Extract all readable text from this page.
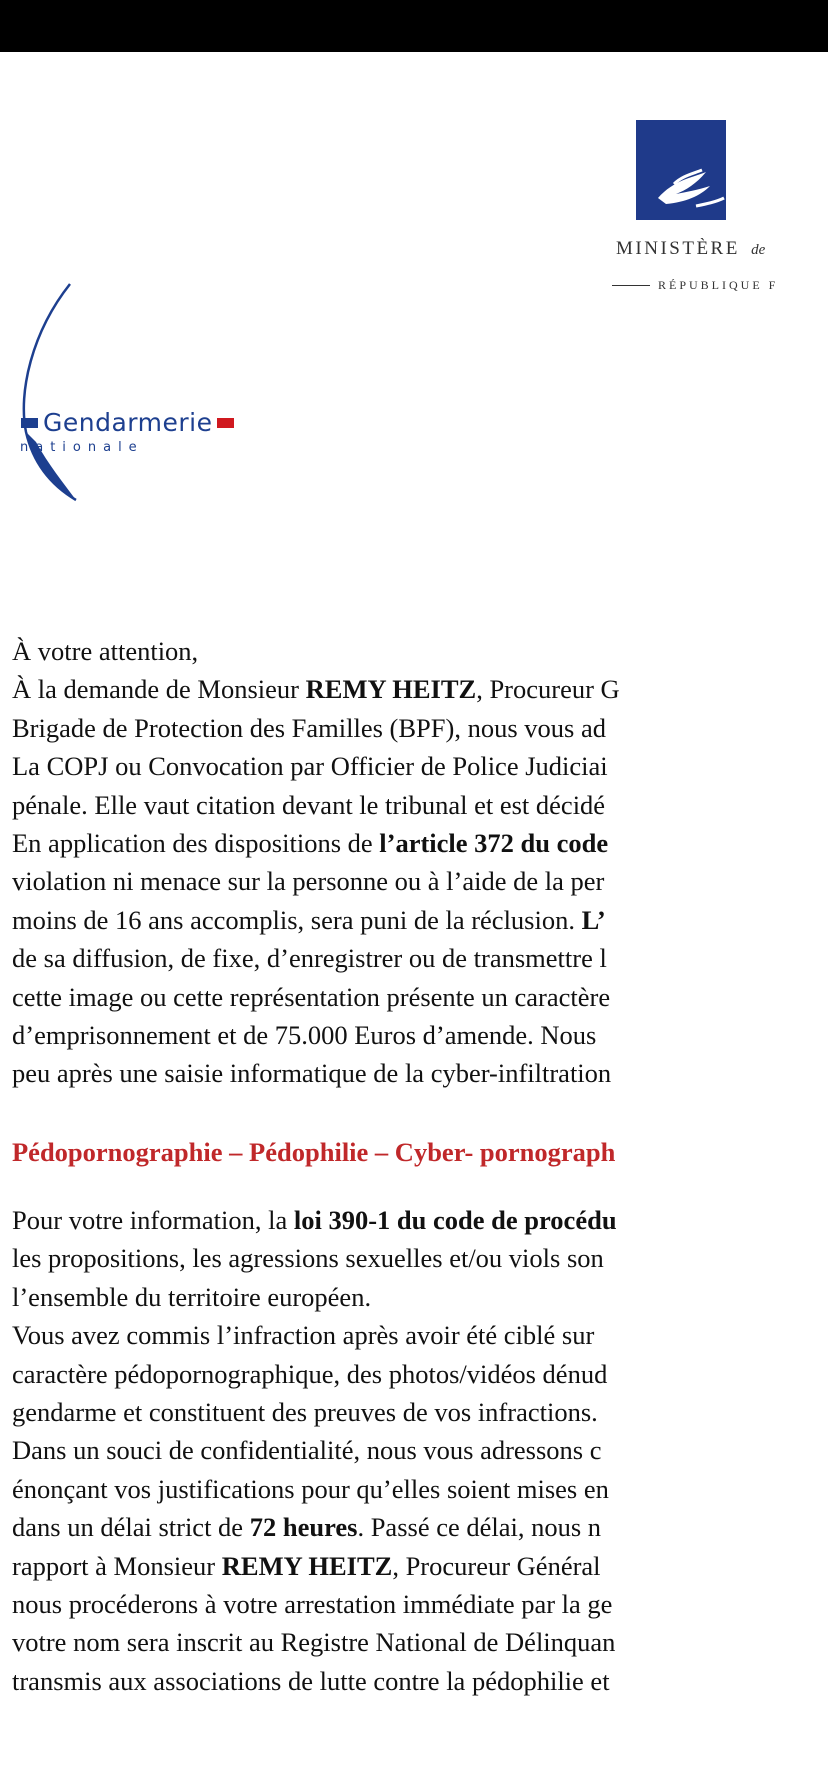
MINISTÈRE de
RÉPUBLIQUE F
Gendarmerie
nationale
À votre attention,
À la demande de Monsieur REMY HEITZ, Procureur G
Brigade de Protection des Familles (BPF), nous vous ad
La COPJ ou Convocation par Officier de Police Judiciai
pénale. Elle vaut citation devant le tribunal et est décidé
En application des dispositions de l’article 372 du code
violation ni menace sur la personne ou à l’aide de la per
moins de 16 ans accomplis, sera puni de la réclusion. L’
de sa diffusion, de fixe, d’enregistrer ou de transmettre l
cette image ou cette représentation présente un caractère
d’emprisonnement et de 75.000 Euros d’amende. Nous
peu après une saisie informatique de la cyber-infiltration
Pédopornographie – Pédophilie – Cyber- pornograph
Pour votre information, la loi 390-1 du code de procédu
les propositions, les agressions sexuelles et/ou viols son
l’ensemble du territoire européen.
Vous avez commis l’infraction après avoir été ciblé sur
caractère pédopornographique, des photos/vidéos dénud
gendarme et constituent des preuves de vos infractions.
Dans un souci de confidentialité, nous vous adressons c
énonçant vos justifications pour qu’elles soient mises en
dans un délai strict de 72 heures. Passé ce délai, nous n
rapport à Monsieur REMY HEITZ, Procureur Général
nous procéderons à votre arrestation immédiate par la ge
votre nom sera inscrit au Registre National de Délinquan
transmis aux associations de lutte contre la pédophilie et
